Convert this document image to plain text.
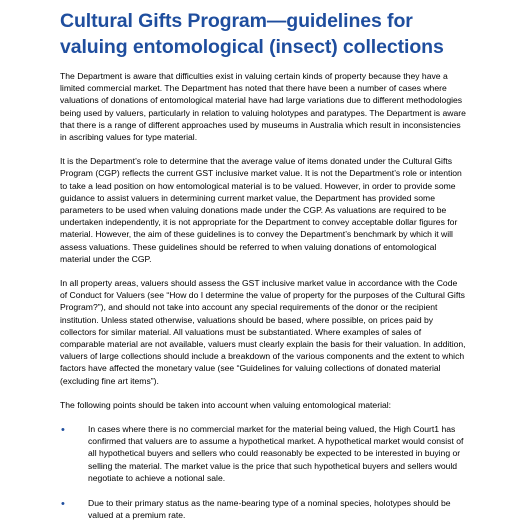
Cultural Gifts Program—guidelines for valuing entomological (insect) collections

The Department is aware that difficulties exist in valuing certain kinds of property because they have a limited commercial market. The Department has noted that there have been a number of cases where valuations of donations of entomological material have had large variations due to different methodologies being used by valuers, particularly in relation to valuing holotypes and paratypes. The Department is aware that there is a range of different approaches used by museums in Australia which result in inconsistencies in ascribing values for type material.

It is the Department’s role to determine that the average value of items donated under the Cultural Gifts Program (CGP) reflects the current GST inclusive market value. It is not the Department’s role or intention to take a lead position on how entomological material is to be valued. However, in order to provide some guidance to assist valuers in determining current market value, the Department has provided some parameters to be used when valuing donations made under the CGP. As valuations are required to be undertaken independently, it is not appropriate for the Department to convey acceptable dollar figures for material. However, the aim of these guidelines is to convey the Department’s benchmark by which it will assess valuations. These guidelines should be referred to when valuing donations of entomological material under the CGP.

In all property areas, valuers should assess the GST inclusive market value in accordance with the Code of Conduct for Valuers (see “How do I determine the value of property for the purposes of the Cultural Gifts Program?”), and should not take into account any special requirements of the donor or the recipient institution. Unless stated otherwise, valuations should be based, where possible, on prices paid by collectors for similar material. All valuations must be substantiated. Where examples of sales of comparable material are not available, valuers must clearly explain the basis for their valuation. In addition, valuers of large collections should include a breakdown of the various components and the extent to which factors have affected the monetary value (see “Guidelines for valuing collections of donated material (excluding fine art items”).

The following points should be taken into account when valuing entomological material:

•	In cases where there is no commercial market for the material being valued, the High Court1 has confirmed that valuers are to assume a hypothetical market. A hypothetical market would consist of all hypothetical buyers and sellers who could reasonably be expected to be interested in buying or selling the material. The market value is the price that such hypothetical buyers and sellers would negotiate to achieve a notional sale.
•	Due to their primary status as the name-bearing type of a nominal species, holotypes should be valued at a premium rate.
